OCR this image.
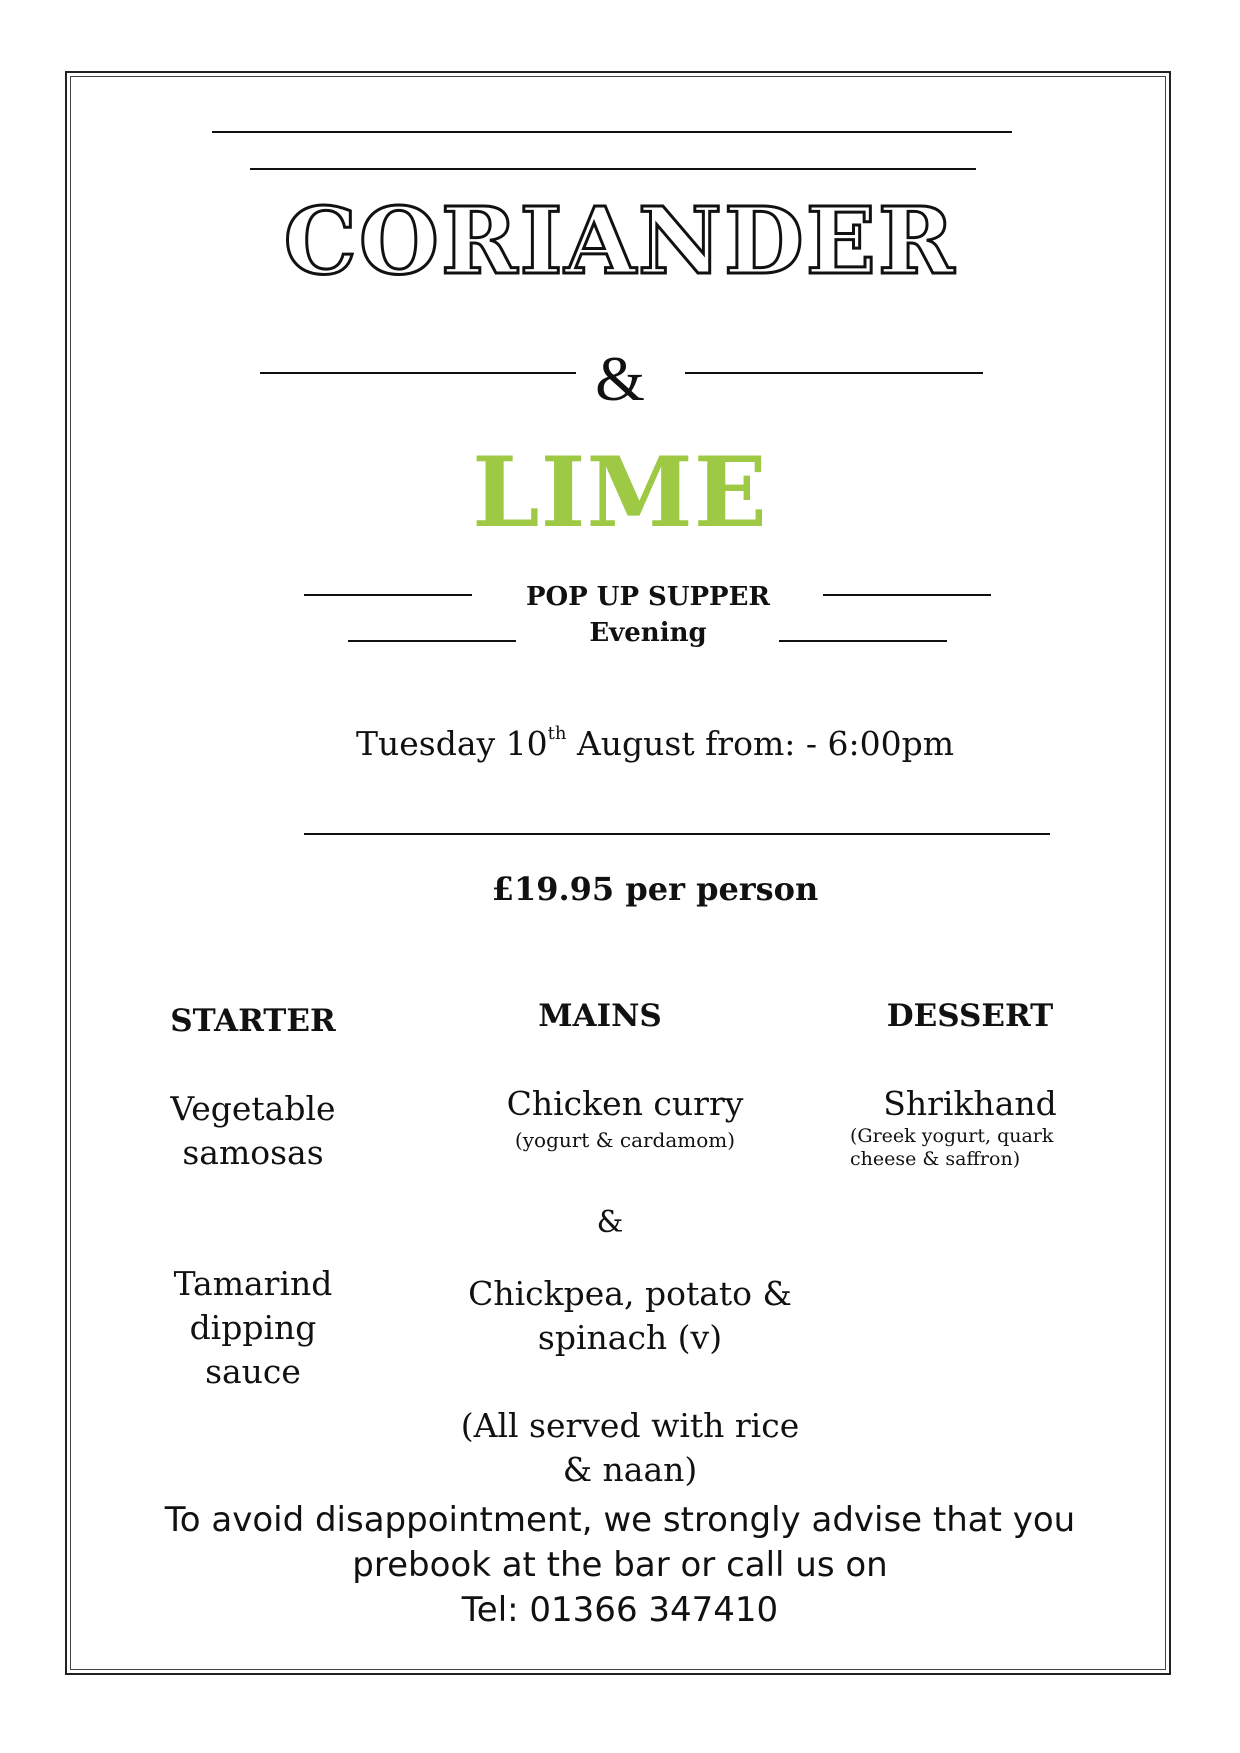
CORIANDER
&
LIME
POP UP SUPPER
Evening
Tuesday 10th August from: - 6:00pm
£19.95 per person
STARTER
Vegetable
samosas
Tamarind
dipping
sauce
MAINS
Chicken curry
(yogurt & cardamom)
&
Chickpea, potato &
spinach (v)
(All served with rice
& naan)
DESSERT
Shrikhand
(Greek yogurt, quark
cheese & saffron)
To avoid disappointment, we strongly advise that you
prebook at the bar or call us on
Tel: 01366 347410
